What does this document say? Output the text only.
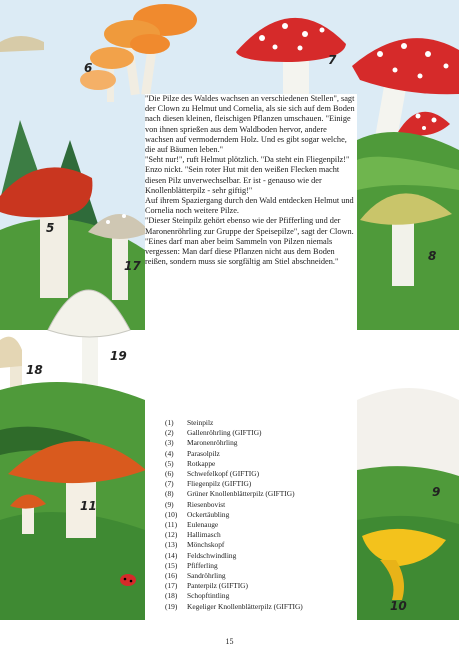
6
7
8
5
17
19
18
11
9
10

"Die Pilze des Waldes wachsen an verschiedenen Stellen", sagt der Clown zu Helmut und Cornelia, als sie sich auf dem Boden nach diesen kleinen, fleischigen Pflanzen umschauen. "Einige von ihnen sprießen aus dem Waldboden hervor, andere wachsen auf vermoderndem Holz. Und es gibt sogar welche, die auf Bäumen leben."

"Seht nur!", ruft Helmut plötzlich. "Da steht ein Fliegenpilz!"

Enzo nickt. "Sein roter Hut mit den weißen Flecken macht diesen Pilz unverwechselbar. Er ist - genauso wie der Knollenblätterpilz - sehr giftig!"

Auf ihrem Spaziergang durch den Wald entdecken Helmut und Cornelia noch weitere Pilze.

"Dieser Steinpilz gehört ebenso wie der Pfifferling und der Maronenröhrling zur Gruppe der Speisepilze", sagt der Clown. "Eines darf man aber beim Sammeln von Pilzen niemals vergessen: Man darf diese Pflanzen nicht aus dem Boden reißen, sondern muss sie sorgfältig am Stiel abschneiden."

(1)	Steinpilz
(2)	Gallenröhrling (GIFTIG)
(3)	Maronenröhrling
(4)	Parasolpilz
(5)	Rotkappe
(6)	Schwefelkopf (GIFTIG)
(7)	Fliegenpilz (GIFTIG)
(8)	Grüner Knollenblätterpilz (GIFTIG)
(9)	Riesenbovist
(10)	Ockertäubling
(11)	Eulenauge
(12)	Hallimasch
(13)	Mönchskopf
(14)	Feldschwindling
(15)	Pfifferling
(16)	Sandröhrling
(17)	Panterpilz (GIFTIG)
(18)	Schopftintling
(19)	Kegeliger Knollenblätterpilz (GIFTIG)
15
